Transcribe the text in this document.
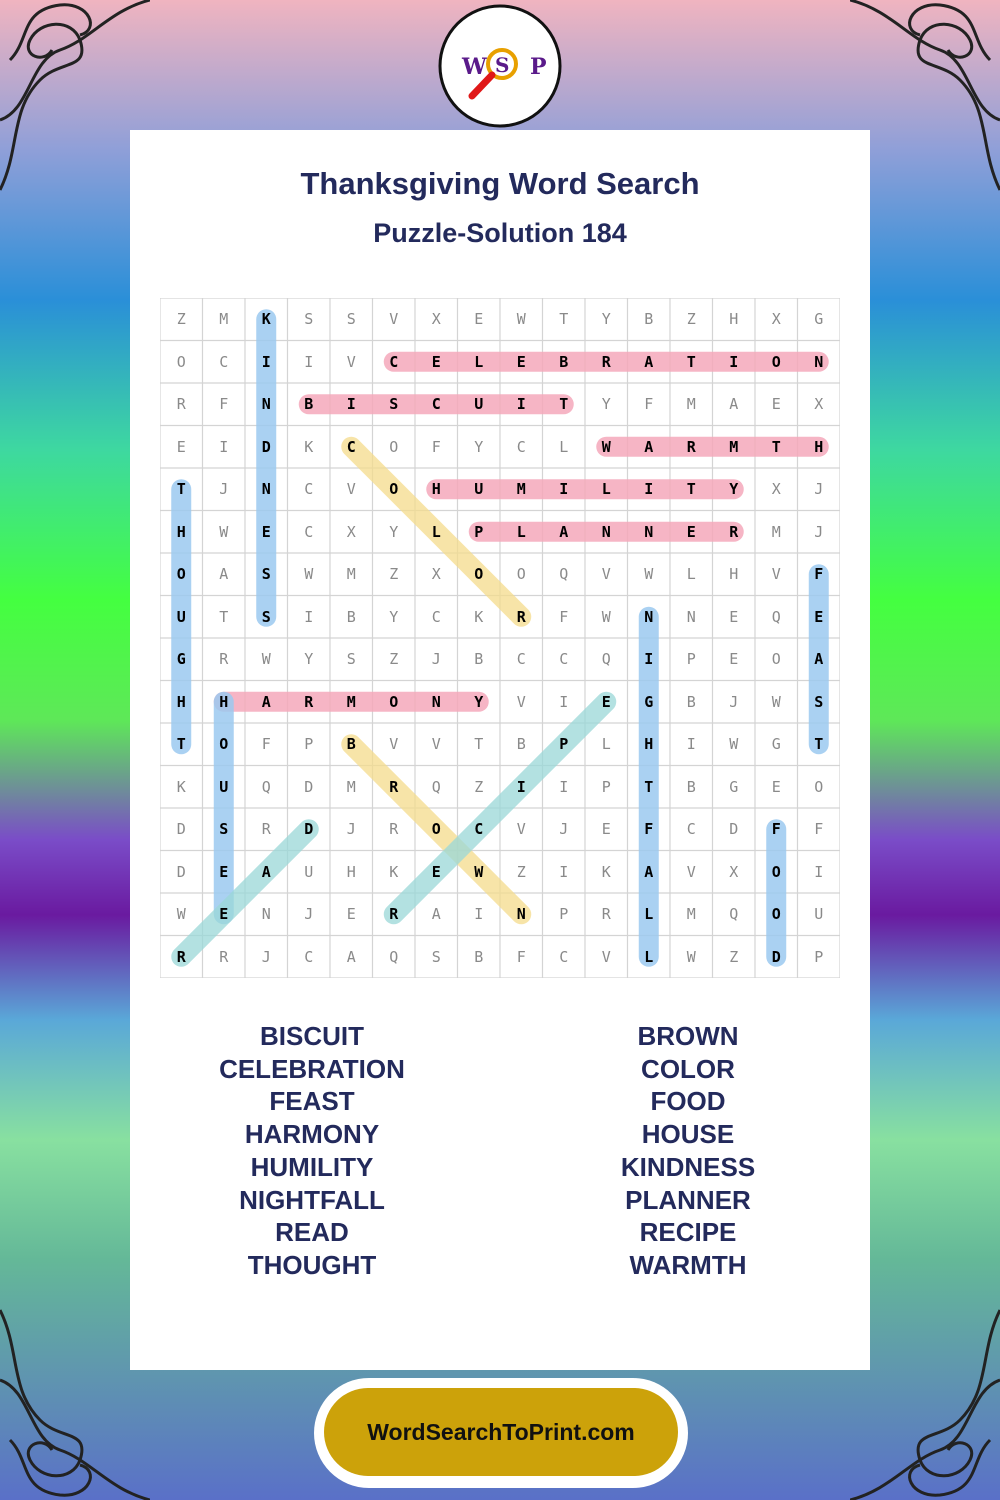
W S P
Thanksgiving Word Search
Puzzle-Solution 184
Z	M	K	S	S	V	X	E	W	T	Y	B	Z	H	X	G
O	C	I	I	V	C	E	L	E	B	R	A	T	I	O	N
R	F	N	B	I	S	C	U	I	T	Y	F	M	A	E	X
E	I	D	K	C	O	F	Y	C	L	W	A	R	M	T	H
T	J	N	C	V	O	H	U	M	I	L	I	T	Y	X	J
H	W	E	C	X	Y	L	P	L	A	N	N	E	R	M	J
O	A	S	W	M	Z	X	O	O	Q	V	W	L	H	V	F
U	T	S	I	B	Y	C	K	R	F	W	N	N	E	Q	E
G	R	W	Y	S	Z	J	B	C	C	Q	I	P	E	O	A
H	H	A	R	M	O	N	Y	V	I	E	G	B	J	W	S
T	O	F	P	B	V	V	T	B	P	L	H	I	W	G	T
K	U	Q	D	M	R	Q	Z	I	I	P	T	B	G	E	O
D	S	R	D	J	R	O	C	V	J	E	F	C	D	F	F
D	E	A	U	H	K	E	W	Z	I	K	A	V	X	O	I
W	E	N	J	E	R	A	I	N	P	R	L	M	Q	O	U
R	R	J	C	A	Q	S	B	F	C	V	L	W	Z	D	P
BISCUIT
CELEBRATION
FEAST
HARMONY
HUMILITY
NIGHTFALL
READ
THOUGHT
BROWN
COLOR
FOOD
HOUSE
KINDNESS
PLANNER
RECIPE
WARMTH
WordSearchToPrint.com
